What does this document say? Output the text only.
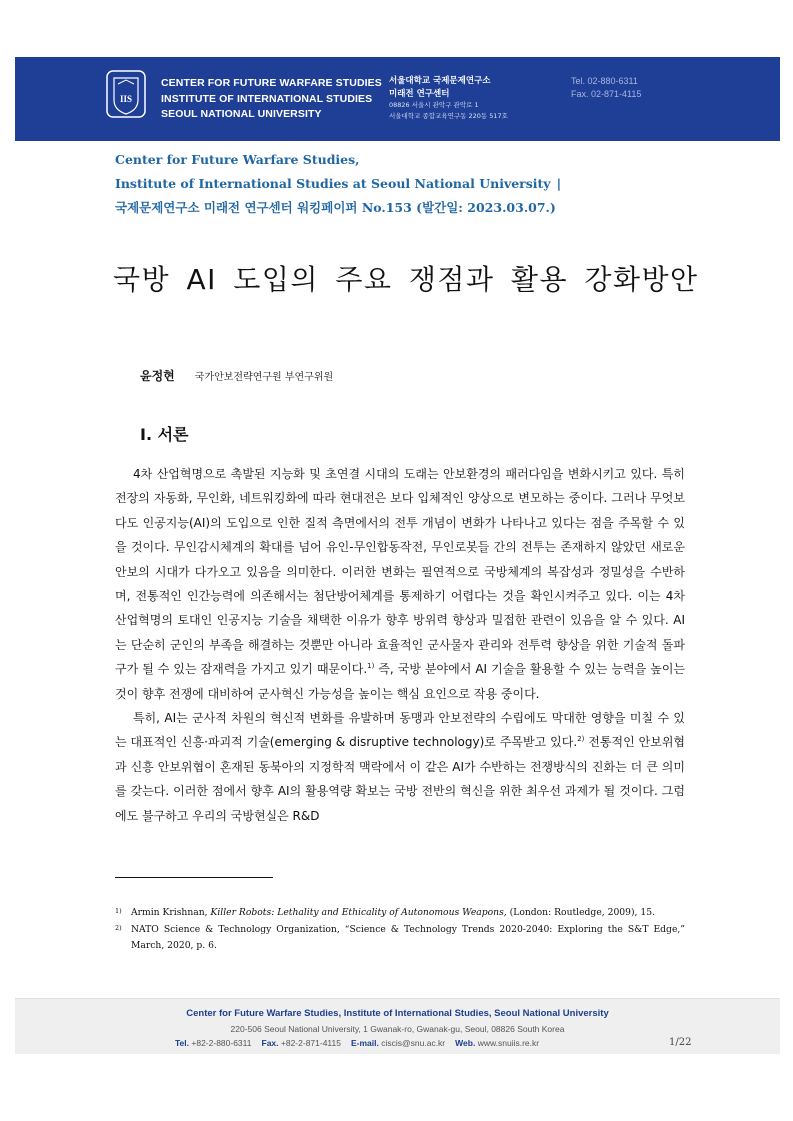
IIS
CENTER FOR FUTURE WARFARE STUDIES
INSTITUTE OF INTERNATIONAL STUDIES
SEOUL NATIONAL UNIVERSITY
서울대학교 국제문제연구소
미래전 연구센터
08826 서울시 관악구 관악로 1
서울대학교 종합교육연구동 220동 517호
Tel. 02-880-6311
Fax. 02-871-4115
Center for Future Warfare Studies,
Institute of International Studies at Seoul National University |
국제문제연구소 미래전 연구센터 워킹페이퍼 No.153 (발간일: 2023.03.07.)
국방 AI 도입의 주요 쟁점과 활용 강화방안
윤정현 국가안보전략연구원 부연구위원
Ⅰ. 서론

4차 산업혁명으로 촉발된 지능화 및 초연결 시대의 도래는 안보환경의 패러다임을 변화시키고 있다. 특히 전장의 자동화, 무인화, 네트워킹화에 따라 현대전은 보다 입체적인 양상으로 변모하는 중이다. 그러나 무엇보다도 인공지능(AI)의 도입으로 인한 질적 측면에서의 전투 개념이 변화가 나타나고 있다는 점을 주목할 수 있을 것이다. 무인감시체계의 확대를 넘어 유인-무인합동작전, 무인로봇들 간의 전투는 존재하지 않았던 새로운 안보의 시대가 다가오고 있음을 의미한다. 이러한 변화는 필연적으로 국방체계의 복잡성과 정밀성을 수반하며, 전통적인 인간능력에 의존해서는 첨단방어체계를 통제하기 어렵다는 것을 확인시켜주고 있다. 이는 4차 산업혁명의 토대인 인공지능 기술을 채택한 이유가 향후 방위력 향상과 밀접한 관련이 있음을 알 수 있다. AI는 단순히 군인의 부족을 해결하는 것뿐만 아니라 효율적인 군사물자 관리와 전투력 향상을 위한 기술적 돌파구가 될 수 있는 잠재력을 가지고 있기 때문이다.$^{1)}$ 즉, 국방 분야에서 AI 기술을 활용할 수 있는 능력을 높이는 것이 향후 전쟁에 대비하여 군사혁신 가능성을 높이는 핵심 요인으로 작용 중이다.

특히, AI는 군사적 차원의 혁신적 변화를 유발하며 동맹과 안보전략의 수립에도 막대한 영향을 미칠 수 있는 대표적인 신흥·파괴적 기술(emerging & disruptive technology)로 주목받고 있다.$^{2)}$ 전통적인 안보위협과 신흥 안보위협이 혼재된 동북아의 지정학적 맥락에서 이 같은 AI가 수반하는 전쟁방식의 진화는 더 큰 의미를 갖는다. 이러한 점에서 향후 AI의 활용역량 확보는 국방 전반의 혁신을 위한 최우선 과제가 될 것이다. 그럼에도 불구하고 우리의 국방현실은 R&D

1) Armin Krishnan, Killer Robots: Lethality and Ethicality of Autonomous Weapons, (London: Routledge, 2009), 15.
2) NATO Science & Technology Organization, “Science & Technology Trends 2020-2040: Exploring the S&T Edge,” March, 2020, p. 6.
Center for Future Warfare Studies, Institute of International Studies, Seoul National University
220-506 Seoul National University, 1 Gwanak-ro, Gwanak-gu, Seoul, 08826 South Korea
Tel. +82-2-880-6311 Fax. +82-2-871-4115 E-mail. ciscis@snu.ac.kr Web. www.snuiis.re.kr	1/22
